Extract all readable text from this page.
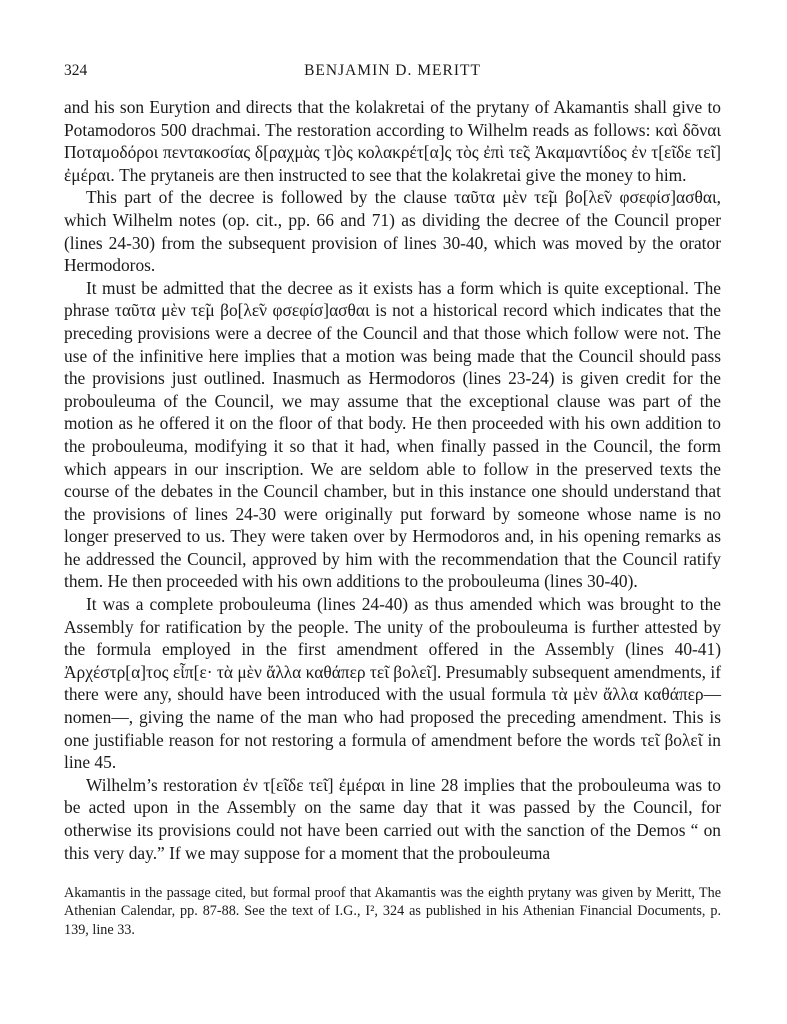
324	BENJAMIN D. MERITT

and his son Eurytion and directs that the kolakretai of the prytany of Akamantis shall give to Potamodoros 500 drachmai. The restoration according to Wilhelm reads as follows: καὶ δõναι Ποταμοδόροι πεντακοσίας δ[ραχμὰς τ]ὸς κολακρέτ[α]ς τὸς ἐπὶ τε̃ς Ἀκαμαντίδος ἐν τ[ε̃ιδε τε̃ι] ἐμέραι. The prytaneis are then instructed to see that the kolakretai give the money to him.

This part of the decree is followed by the clause ταῦτα μὲν τε̃μ βο[λε̃ν φσεφίσ]ασθαι, which Wilhelm notes (op. cit., pp. 66 and 71) as dividing the decree of the Council proper (lines 24-30) from the subsequent provision of lines 30-40, which was moved by the orator Hermodoros.

It must be admitted that the decree as it exists has a form which is quite exceptional. The phrase ταῦτα μὲν τε̃μ βο[λε̃ν φσεφίσ]ασθαι is not a historical record which indicates that the preceding provisions were a decree of the Council and that those which follow were not. The use of the infinitive here implies that a motion was being made that the Council should pass the provisions just outlined. Inasmuch as Hermodoros (lines 23-24) is given credit for the probouleuma of the Council, we may assume that the exceptional clause was part of the motion as he offered it on the floor of that body. He then proceeded with his own addition to the probouleuma, modifying it so that it had, when finally passed in the Council, the form which appears in our inscription. We are seldom able to follow in the preserved texts the course of the debates in the Council chamber, but in this instance one should understand that the provisions of lines 24-30 were originally put forward by someone whose name is no longer preserved to us. They were taken over by Hermodoros and, in his opening remarks as he addressed the Council, approved by him with the recommendation that the Council ratify them. He then proceeded with his own additions to the probouleuma (lines 30-40).

It was a complete probouleuma (lines 24-40) as thus amended which was brought to the Assembly for ratification by the people. The unity of the probouleuma is further attested by the formula employed in the first amendment offered in the Assembly (lines 40-41) Ἀρχέστρ[α]τος εἶπ[ε· τὰ μὲν ἄλλα καθάπερ τε̃ι βολε̃ι]. Presumably subsequent amendments, if there were any, should have been introduced with the usual formula τὰ μὲν ἄλλα καθάπερ—nomen—, giving the name of the man who had proposed the preceding amendment. This is one justifiable reason for not restoring a formula of amendment before the words τε̃ι βολε̃ι in line 45.

Wilhelm’s restoration ἐν τ[ε̃ιδε τε̃ι] ἐμέραι in line 28 implies that the probouleuma was to be acted upon in the Assembly on the same day that it was passed by the Council, for otherwise its provisions could not have been carried out with the sanction of the Demos “ on this very day.” If we may suppose for a moment that the probouleuma

Akamantis in the passage cited, but formal proof that Akamantis was the eighth prytany was given by Meritt, The Athenian Calendar, pp. 87-88. See the text of I.G., I², 324 as published in his Athenian Financial Documents, p. 139, line 33.
